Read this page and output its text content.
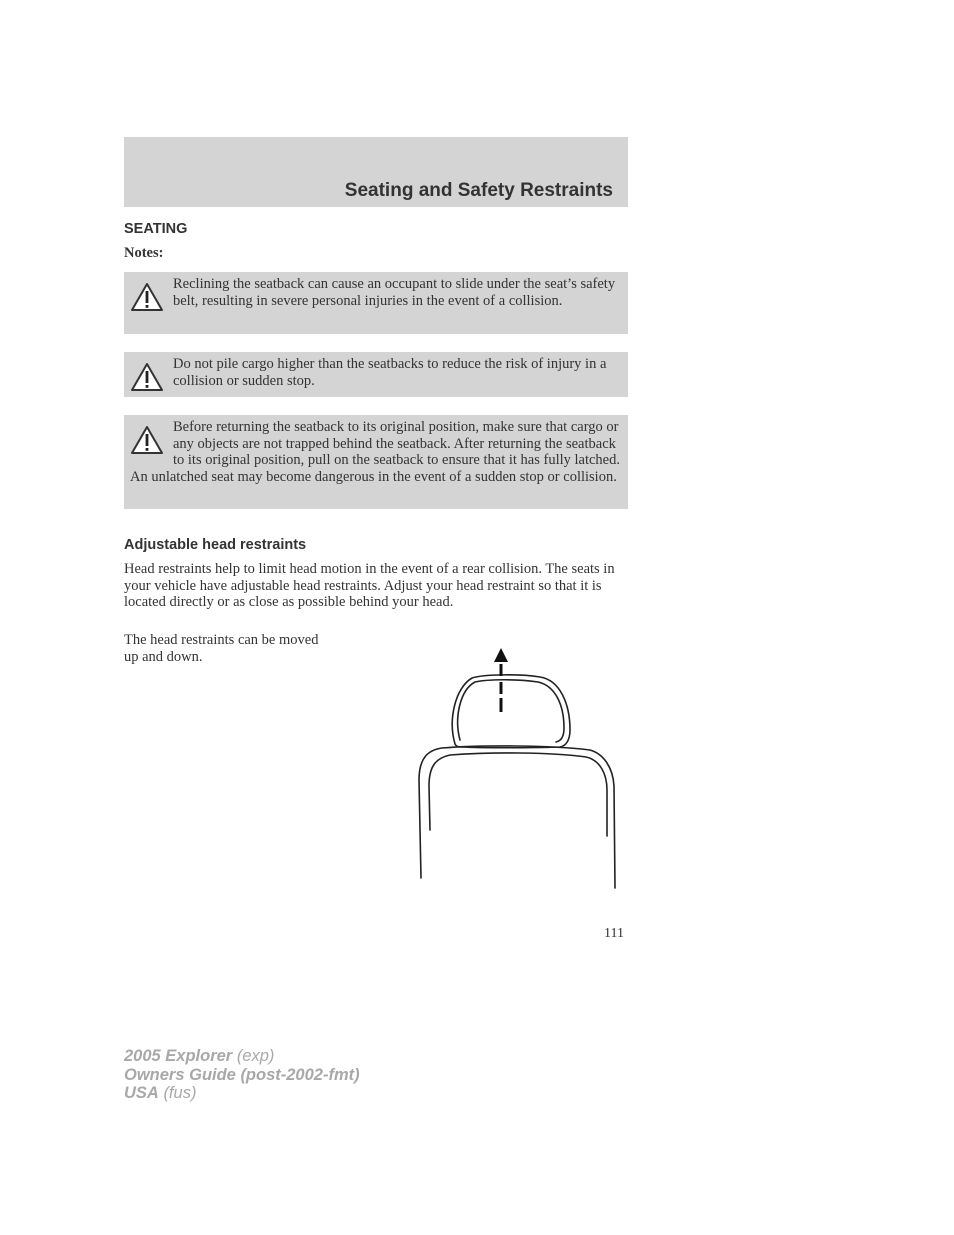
Seating and Safety Restraints
SEATING
Notes:

Reclining the seatback can cause an occupant to slide under the seat’s safety belt, resulting in severe personal injuries in the event of a collision.

Do not pile cargo higher than the seatbacks to reduce the risk of injury in a collision or sudden stop.

Before returning the seatback to its original position, make sure that cargo or any objects are not trapped behind the seatback. After returning the seatback to its original position, pull on the seatback to ensure that it has fully latched. An unlatched seat may become dangerous in the event of a sudden stop or collision.

Adjustable head restraints

Head restraints help to limit head motion in the event of a rear collision. The seats in your vehicle have adjustable head restraints. Adjust your head restraint so that it is located directly or as close as possible behind your head.

The head restraints can be moved
up and down.
111
2005 Explorer (exp)
Owners Guide (post-2002-fmt)
USA (fus)
